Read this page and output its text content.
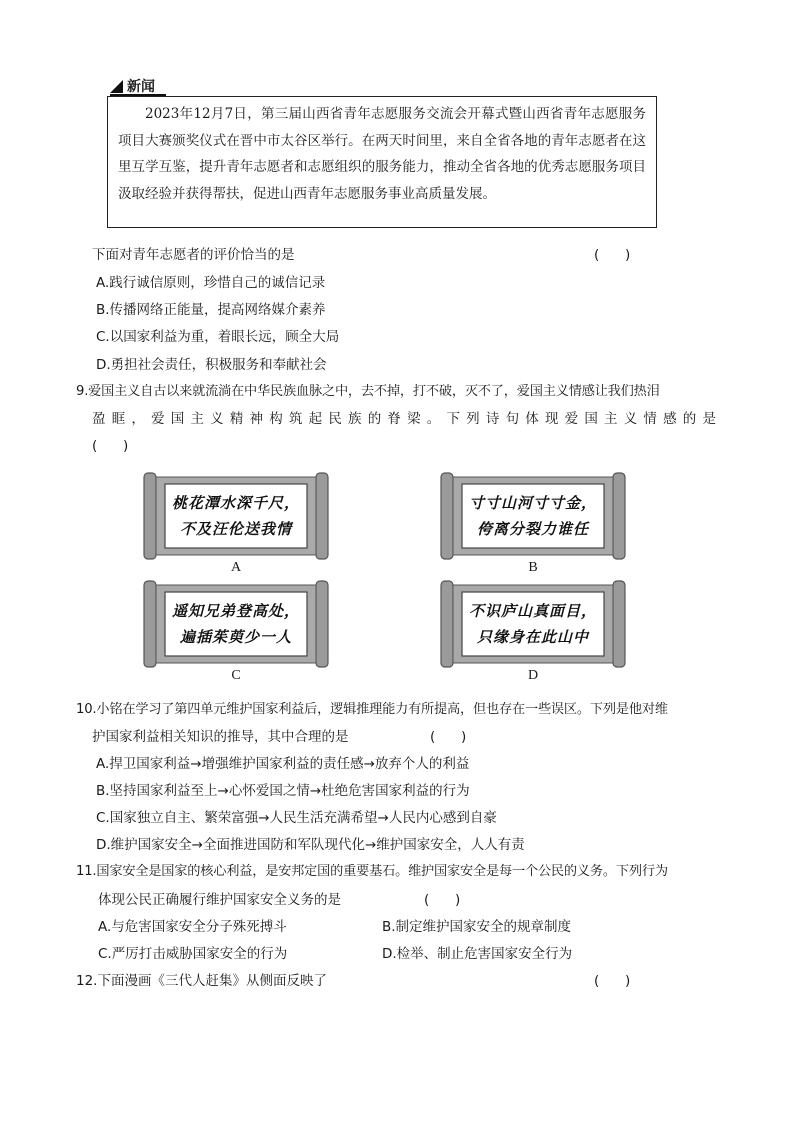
新闻
2023年12月7日，第三届山西省青年志愿服务交流会开幕式暨山西省青年志愿服务项目大赛颁奖仪式在晋中市太谷区举行。在两天时间里，来自全省各地的青年志愿者在这里互学互鉴，提升青年志愿者和志愿组织的服务能力，推动全省各地的优秀志愿服务项目汲取经验并获得帮扶，促进山西青年志愿服务事业高质量发展。
下面对青年志愿者的评价恰当的是	(      )
A.践行诚信原则，珍惜自己的诚信记录
B.传播网络正能量，提高网络媒介素养
C.以国家利益为重，着眼长远，顾全大局
D.勇担社会责任，积极服务和奉献社会
9.爱国主义自古以来就流淌在中华民族血脉之中，去不掉，打不破，灭不了，爱国主义情感让我们热泪
盈眶，爱国主义精神构筑起民族的脊梁。下列诗句体现爱国主义情感的是
(      )
桃花潭水深千尺，
不及汪伦送我情
A
寸寸山河寸寸金，
侉离分裂力谁任
B
遥知兄弟登高处，
遍插茱萸少一人
C
不识庐山真面目，
只缘身在此山中
D
10.小铭在学习了第四单元维护国家利益后，逻辑推理能力有所提高，但也存在一些误区。下列是他对维
护国家利益相关知识的推导，其中合理的是	(      )
A.捍卫国家利益→增强维护国家利益的责任感→放弃个人的利益
B.坚持国家利益至上→心怀爱国之情→杜绝危害国家利益的行为
C.国家独立自主、繁荣富强→人民生活充满希望→人民内心感到自豪
D.维护国家安全→全面推进国防和军队现代化→维护国家安全，人人有责
11.国家安全是国家的核心利益，是安邦定国的重要基石。维护国家安全是每一个公民的义务。下列行为
体现公民正确履行维护国家安全义务的是	(      )
A.与危害国家安全分子殊死搏斗	B.制定维护国家安全的规章制度
C.严厉打击威胁国家安全的行为	D.检举、制止危害国家安全行为
12.下面漫画《三代人赶集》从侧面反映了	(      )
